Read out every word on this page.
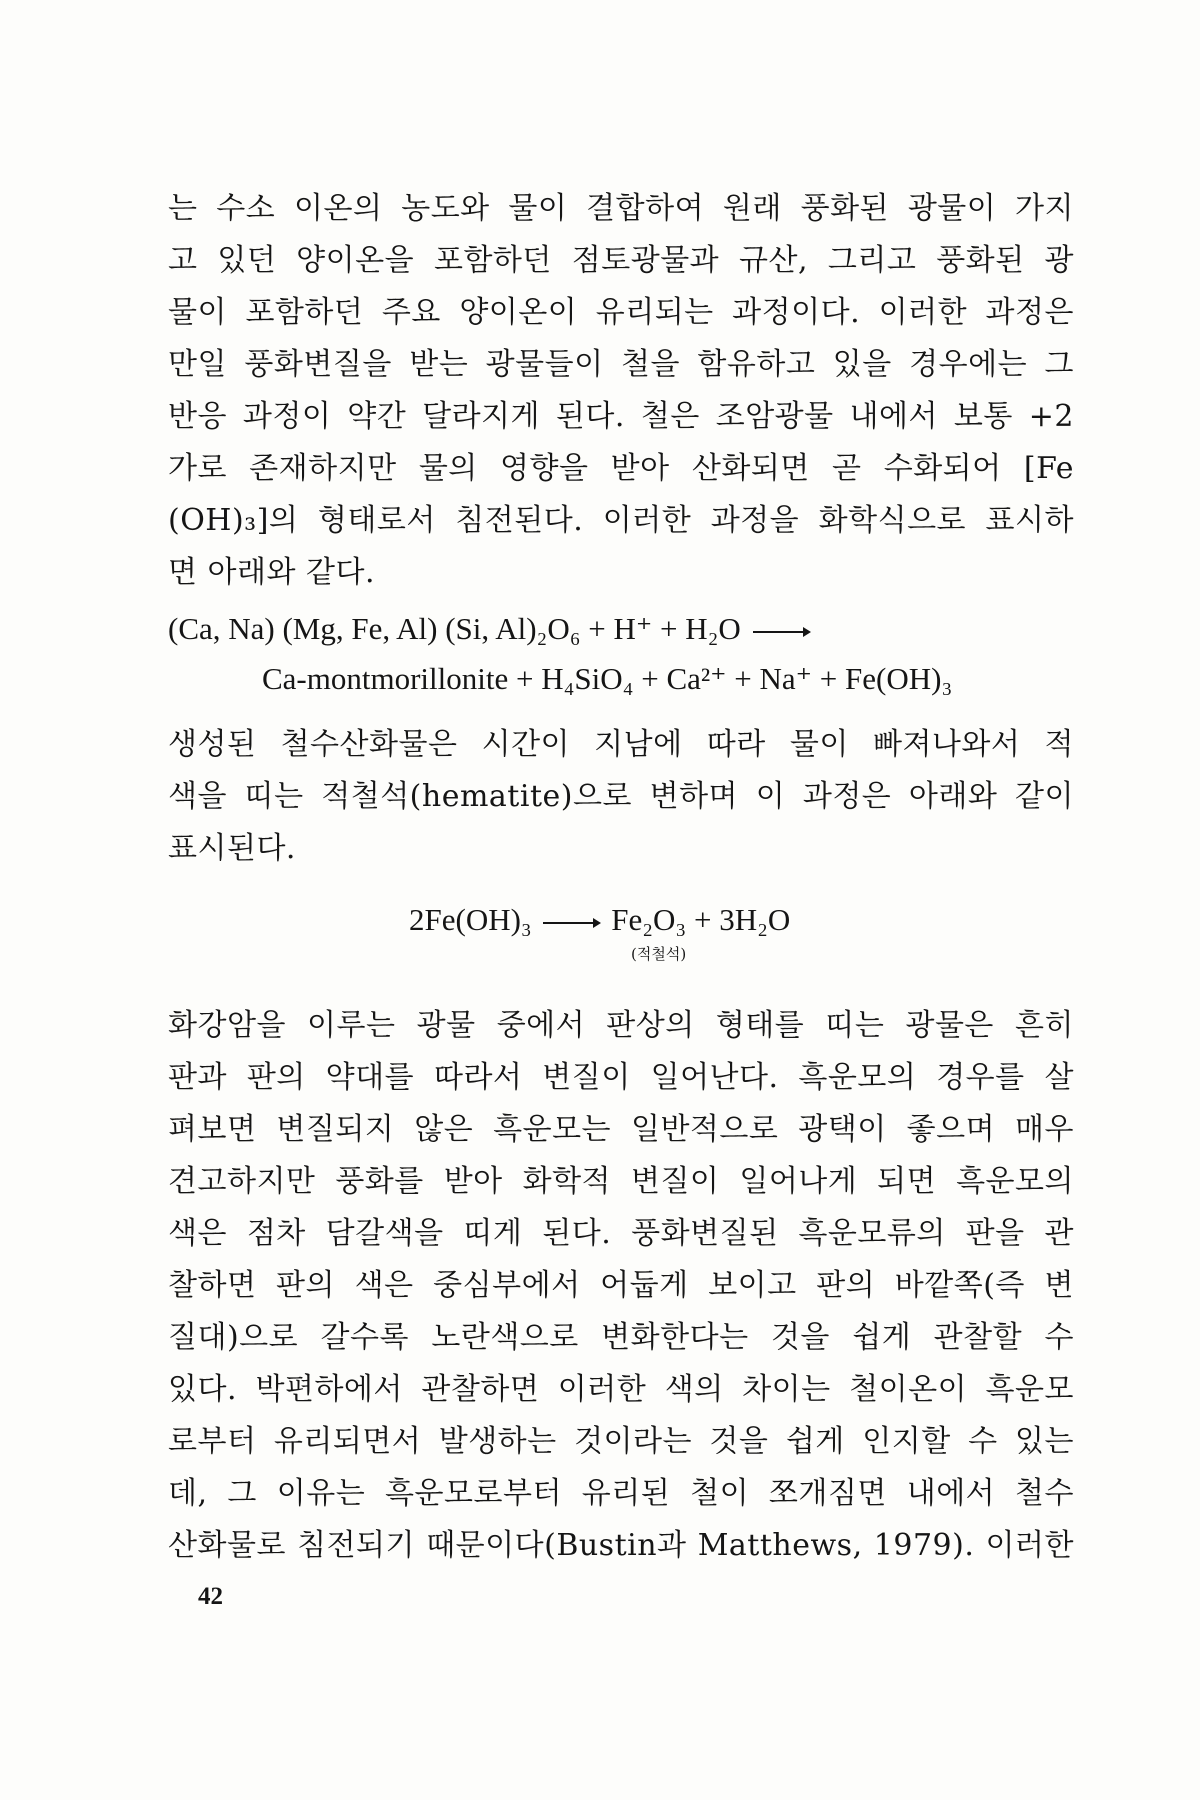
는 수소 이온의 농도와 물이 결합하여 원래 풍화된 광물이 가지
고 있던 양이온을 포함하던 점토광물과 규산, 그리고 풍화된 광
물이 포함하던 주요 양이온이 유리되는 과정이다. 이러한 과정은
만일 풍화변질을 받는 광물들이 철을 함유하고 있을 경우에는 그
반응 과정이 약간 달라지게 된다. 철은 조암광물 내에서 보통 +2
가로 존재하지만 물의 영향을 받아 산화되면 곧 수화되어 [Fe
(OH)₃]의 형태로서 침전된다. 이러한 과정을 화학식으로 표시하
면 아래와 같다.
(Ca, Na) (Mg, Fe, Al) (Si, Al)₂O₆ + H⁺ + H₂O →
Ca-montmorillonite + H₄SiO₄ + Ca²⁺ + Na⁺ + Fe(OH)₃
생성된 철수산화물은 시간이 지남에 따라 물이 빠져나와서 적
색을 띠는 적철석(hematite)으로 변하며 이 과정은 아래와 같이
표시된다.
2Fe(OH)₃ → Fe₂O₃ + 3H₂O
(적철석)
화강암을 이루는 광물 중에서 판상의 형태를 띠는 광물은 흔히
판과 판의 약대를 따라서 변질이 일어난다. 흑운모의 경우를 살
펴보면 변질되지 않은 흑운모는 일반적으로 광택이 좋으며 매우
견고하지만 풍화를 받아 화학적 변질이 일어나게 되면 흑운모의
색은 점차 담갈색을 띠게 된다. 풍화변질된 흑운모류의 판을 관
찰하면 판의 색은 중심부에서 어둡게 보이고 판의 바깥쪽(즉 변
질대)으로 갈수록 노란색으로 변화한다는 것을 쉽게 관찰할 수
있다. 박편하에서 관찰하면 이러한 색의 차이는 철이온이 흑운모
로부터 유리되면서 발생하는 것이라는 것을 쉽게 인지할 수 있는
데, 그 이유는 흑운모로부터 유리된 철이 쪼개짐면 내에서 철수
산화물로 침전되기 때문이다(Bustin과 Matthews, 1979). 이러한
42
